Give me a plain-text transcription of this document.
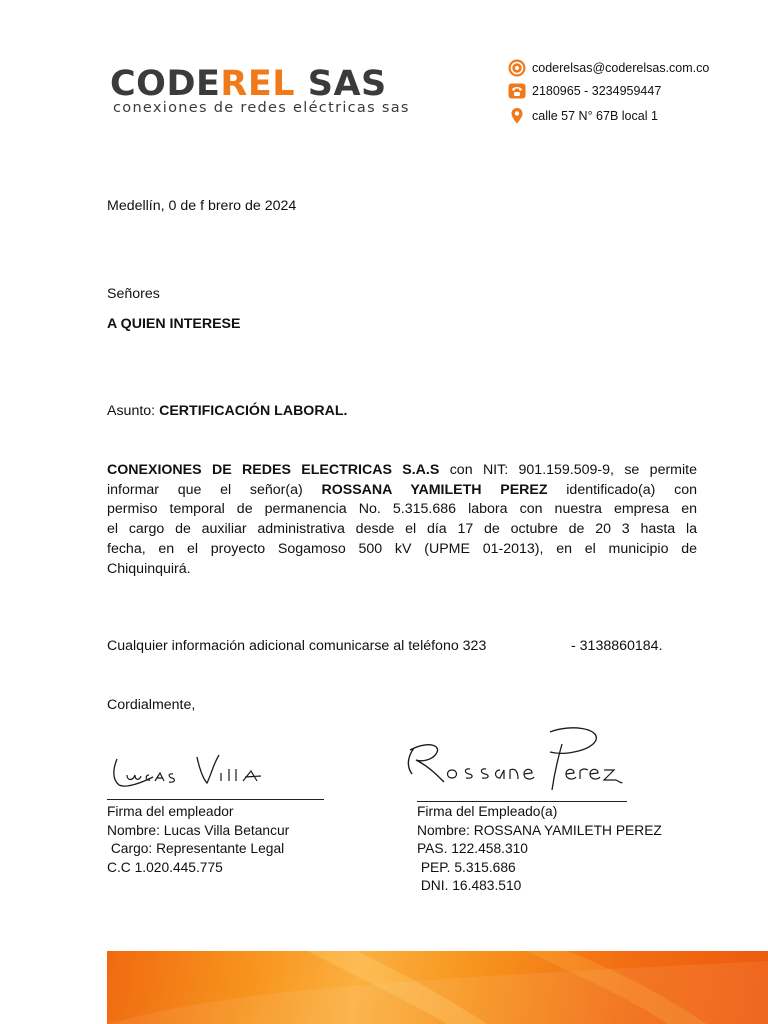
CODEREL SAS
conexiones de redes eléctricas sas
coderelsas@coderelsas.com.co
2180965 - 3234959447
calle 57 N° 67B local 1
Medellín, 0 de f brero de 2024
Señores
A QUIEN INTERESE
Asunto: CERTIFICACIÓN LABORAL.
CONEXIONES DE REDES ELECTRICAS S.A.S con NIT: 901.159.509-9, se permite
informar que el señor(a) ROSSANA YAMILETH PEREZ identificado(a) con
permiso temporal de permanencia No. 5.315.686 labora con nuestra empresa en
el cargo de auxiliar administrativa desde el día 17 de octubre de 20 3 hasta la
fecha, en el proyecto Sogamoso 500 kV (UPME 01-2013), en el municipio de
Chiquinquirá.
Cualquier información adicional comunicarse al teléfono 323	- 3138860184.
Cordialmente,
Firma del empleador
Nombre: Lucas Villa Betancur
Cargo: Representante Legal
C.C 1.020.445.775
Firma del Empleado(a)
Nombre: ROSSANA YAMILETH PEREZ
PAS. 122.458.310
PEP. 5.315.686
DNI. 16.483.510
